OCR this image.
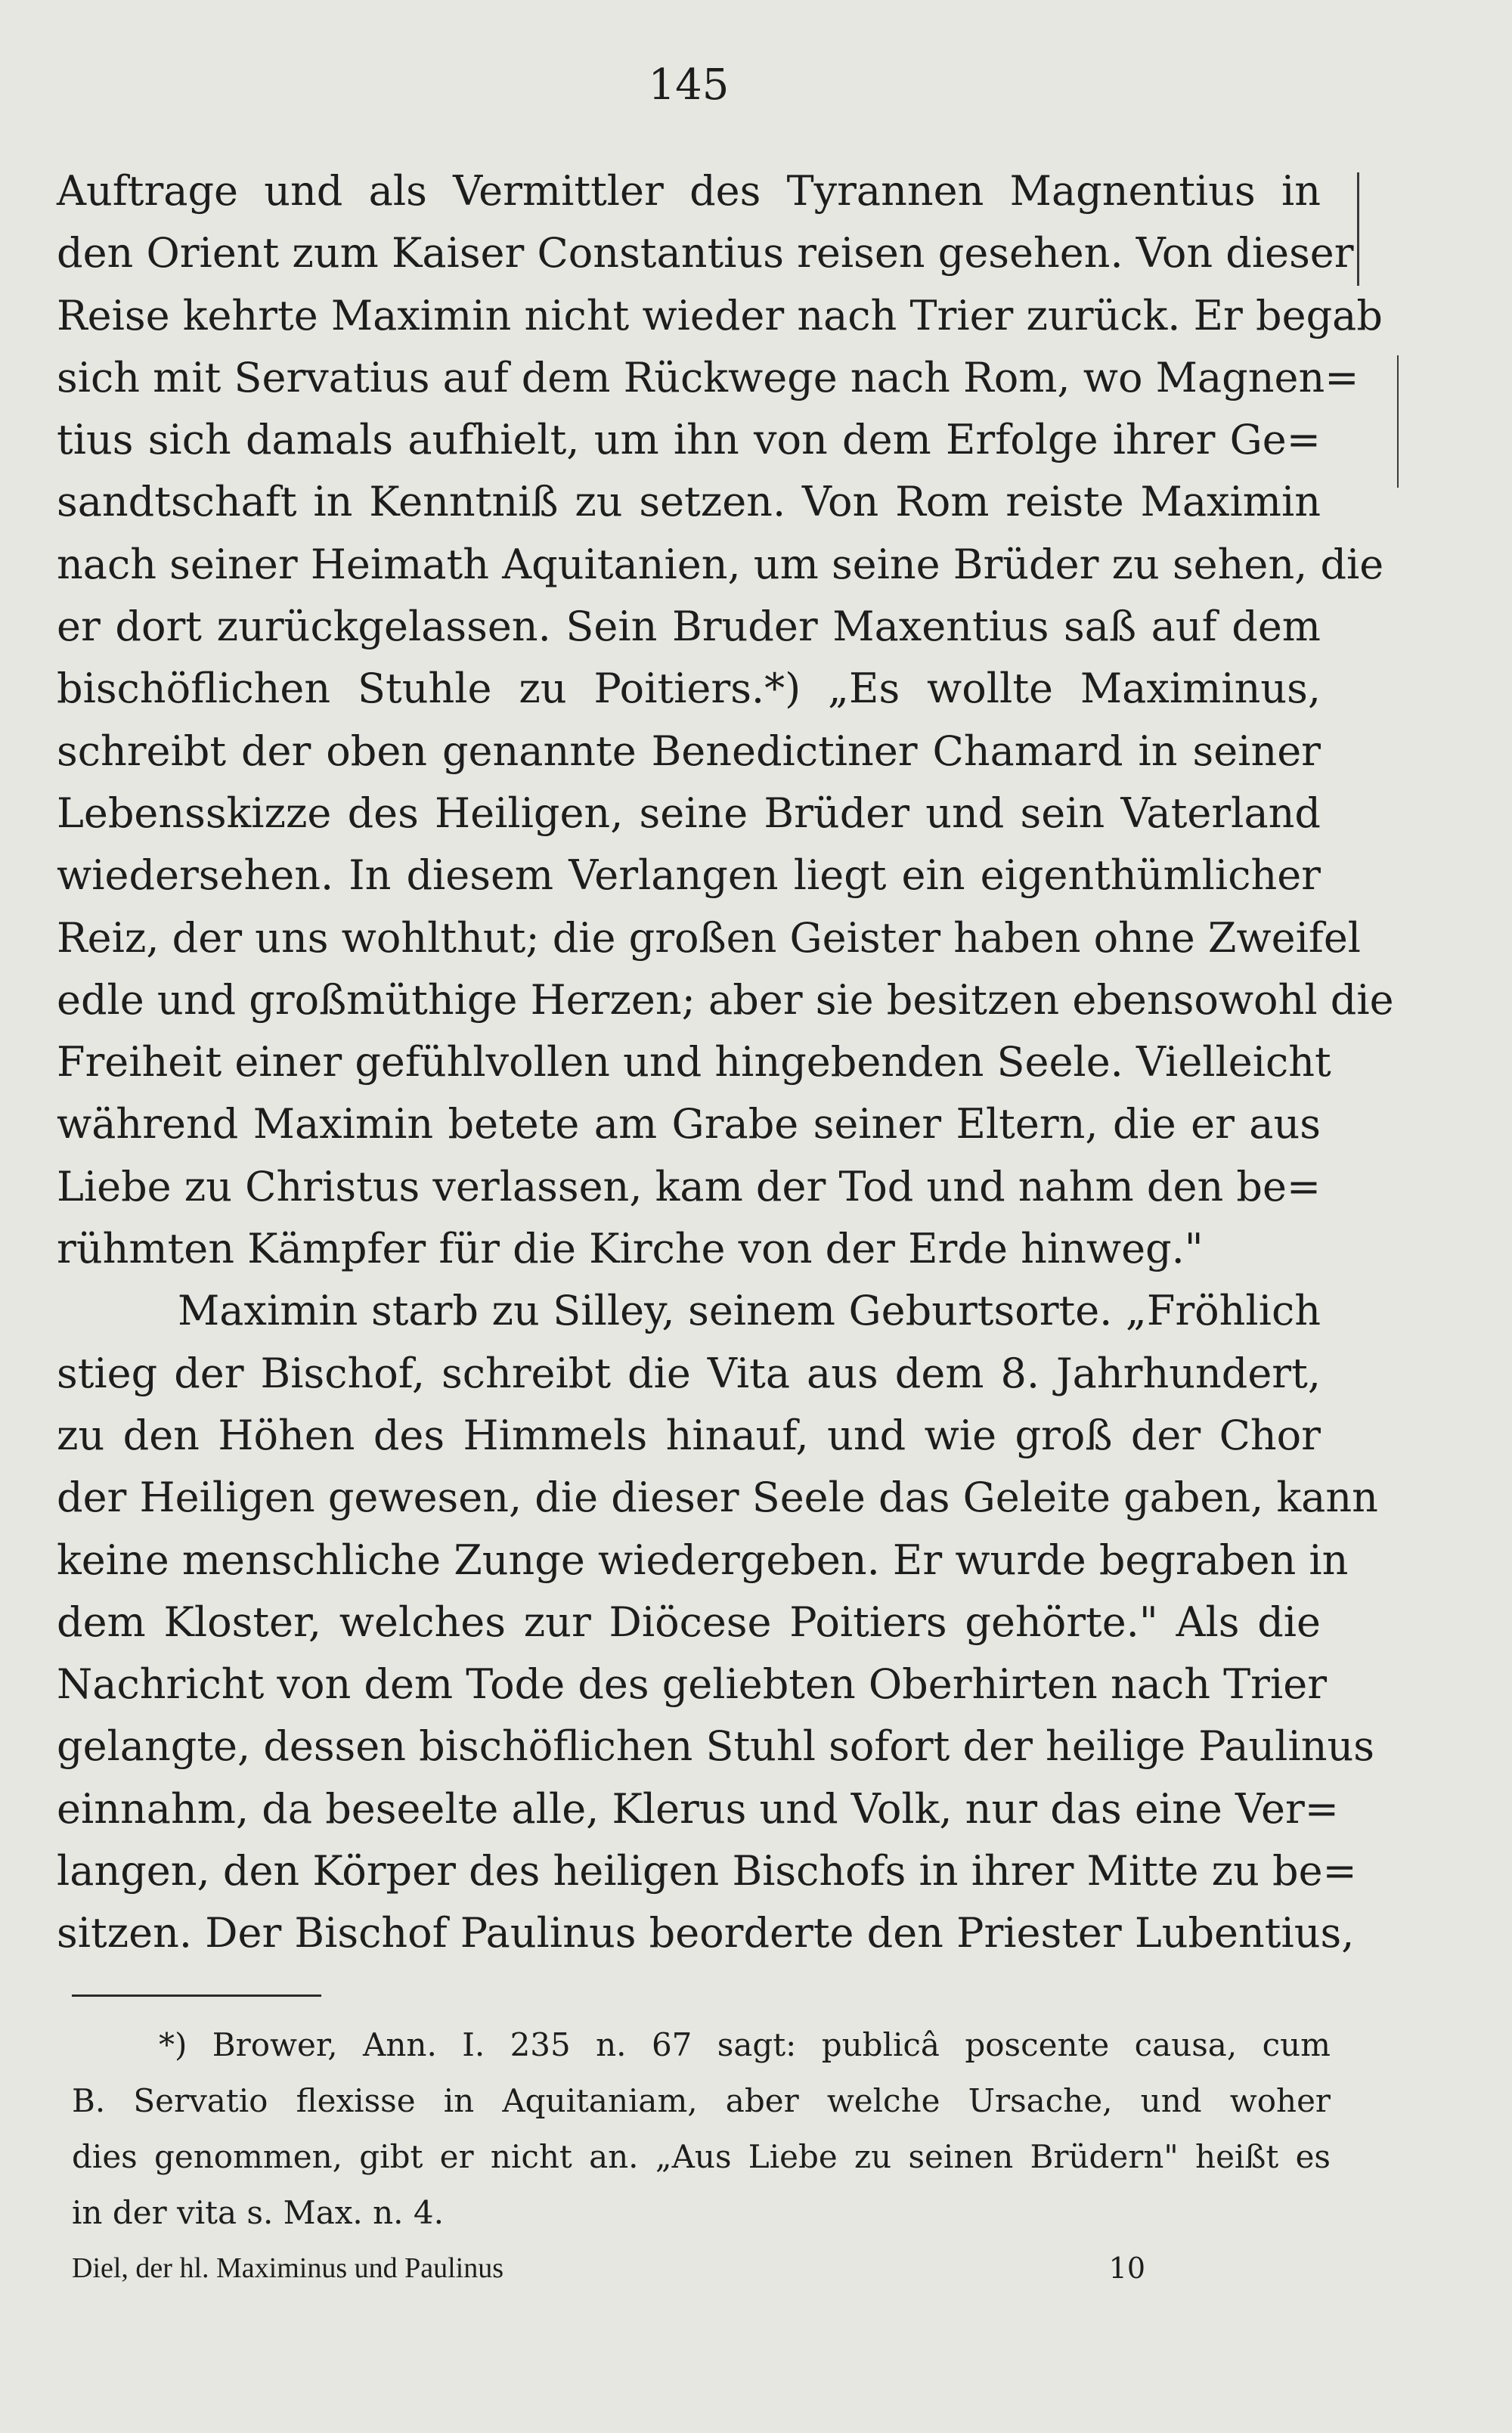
145
Auftrage und als Vermittler des Tyrannen Magnentius in
den Orient zum Kaiser Constantius reisen gesehen. Von dieser
Reise kehrte Maximin nicht wieder nach Trier zurück. Er begab
sich mit Servatius auf dem Rückwege nach Rom, wo Magnen=
tius sich damals aufhielt, um ihn von dem Erfolge ihrer Ge=
sandtschaft in Kenntniß zu setzen. Von Rom reiste Maximin
nach seiner Heimath Aquitanien, um seine Brüder zu sehen, die
er dort zurückgelassen. Sein Bruder Maxentius saß auf dem
bischöflichen Stuhle zu Poitiers.*) „Es wollte Maximinus,
schreibt der oben genannte Benedictiner Chamard in seiner
Lebensskizze des Heiligen, seine Brüder und sein Vaterland
wiedersehen. In diesem Verlangen liegt ein eigenthümlicher
Reiz, der uns wohlthut; die großen Geister haben ohne Zweifel
edle und großmüthige Herzen; aber sie besitzen ebensowohl die
Freiheit einer gefühlvollen und hingebenden Seele. Vielleicht
während Maximin betete am Grabe seiner Eltern, die er aus
Liebe zu Christus verlassen, kam der Tod und nahm den be=
rühmten Kämpfer für die Kirche von der Erde hinweg."
Maximin starb zu Silley, seinem Geburtsorte. „Fröhlich
stieg der Bischof, schreibt die Vita aus dem 8. Jahrhundert,
zu den Höhen des Himmels hinauf, und wie groß der Chor
der Heiligen gewesen, die dieser Seele das Geleite gaben, kann
keine menschliche Zunge wiedergeben. Er wurde begraben in
dem Kloster, welches zur Diöcese Poitiers gehörte." Als die
Nachricht von dem Tode des geliebten Oberhirten nach Trier
gelangte, dessen bischöflichen Stuhl sofort der heilige Paulinus
einnahm, da beseelte alle, Klerus und Volk, nur das eine Ver=
langen, den Körper des heiligen Bischofs in ihrer Mitte zu be=
sitzen. Der Bischof Paulinus beorderte den Priester Lubentius,
*) Brower, Ann. I. 235 n. 67 sagt: publicâ poscente causa, cum
B. Servatio flexisse in Aquitaniam, aber welche Ursache, und woher
dies genommen, gibt er nicht an. „Aus Liebe zu seinen Brüdern" heißt es
in der vita s. Max. n. 4.
Diel, der hl. Maximinus und Paulinus	10
